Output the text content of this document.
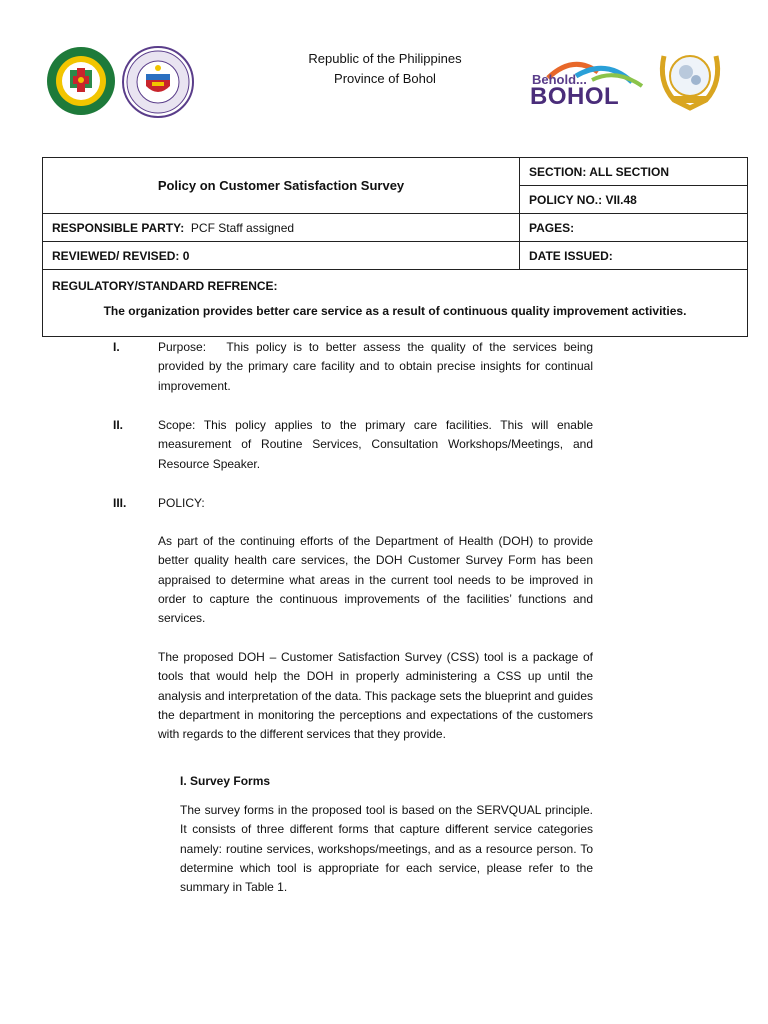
Republic of the Philippines
Province of Bohol	Behold...
BOHOL
Policy on Customer Satisfaction Survey	SECTION: ALL SECTION
	POLICY NO.: VII.48
RESPONSIBLE PARTY: PCF Staff assigned	PAGES:
REVIEWED/ REVISED: 0	DATE ISSUED:

REGULATORY/STANDARD REFRENCE:
The organization provides better care service as a result of continuous quality improvement activities.	
I.	Purpose: This policy is to better assess the quality of the services being provided by the primary care facility and to obtain precise insights for continual improvement.
II.	Scope: This policy applies to the primary care facilities. This will enable measurement of Routine Services, Consultation Workshops/Meetings, and Resource Speaker.
III.	POLICY:
As part of the continuing efforts of the Department of Health (DOH) to provide better quality health care services, the DOH Customer Survey Form has been appraised to determine what areas in the current tool needs to be improved in order to capture the continuous improvements of the facilities’ functions and services.
The proposed DOH – Customer Satisfaction Survey (CSS) tool is a package of tools that would help the DOH in properly administering a CSS up until the analysis and interpretation of the data. This package sets the blueprint and guides the department in monitoring the perceptions and expectations of the customers with regards to the different services that they provide.
I. Survey Forms
The survey forms in the proposed tool is based on the SERVQUAL principle. It consists of three different forms that capture different service categories namely: routine services, workshops/meetings, and as a resource person. To determine which tool is appropriate for each service, please refer to the summary in Table 1.
